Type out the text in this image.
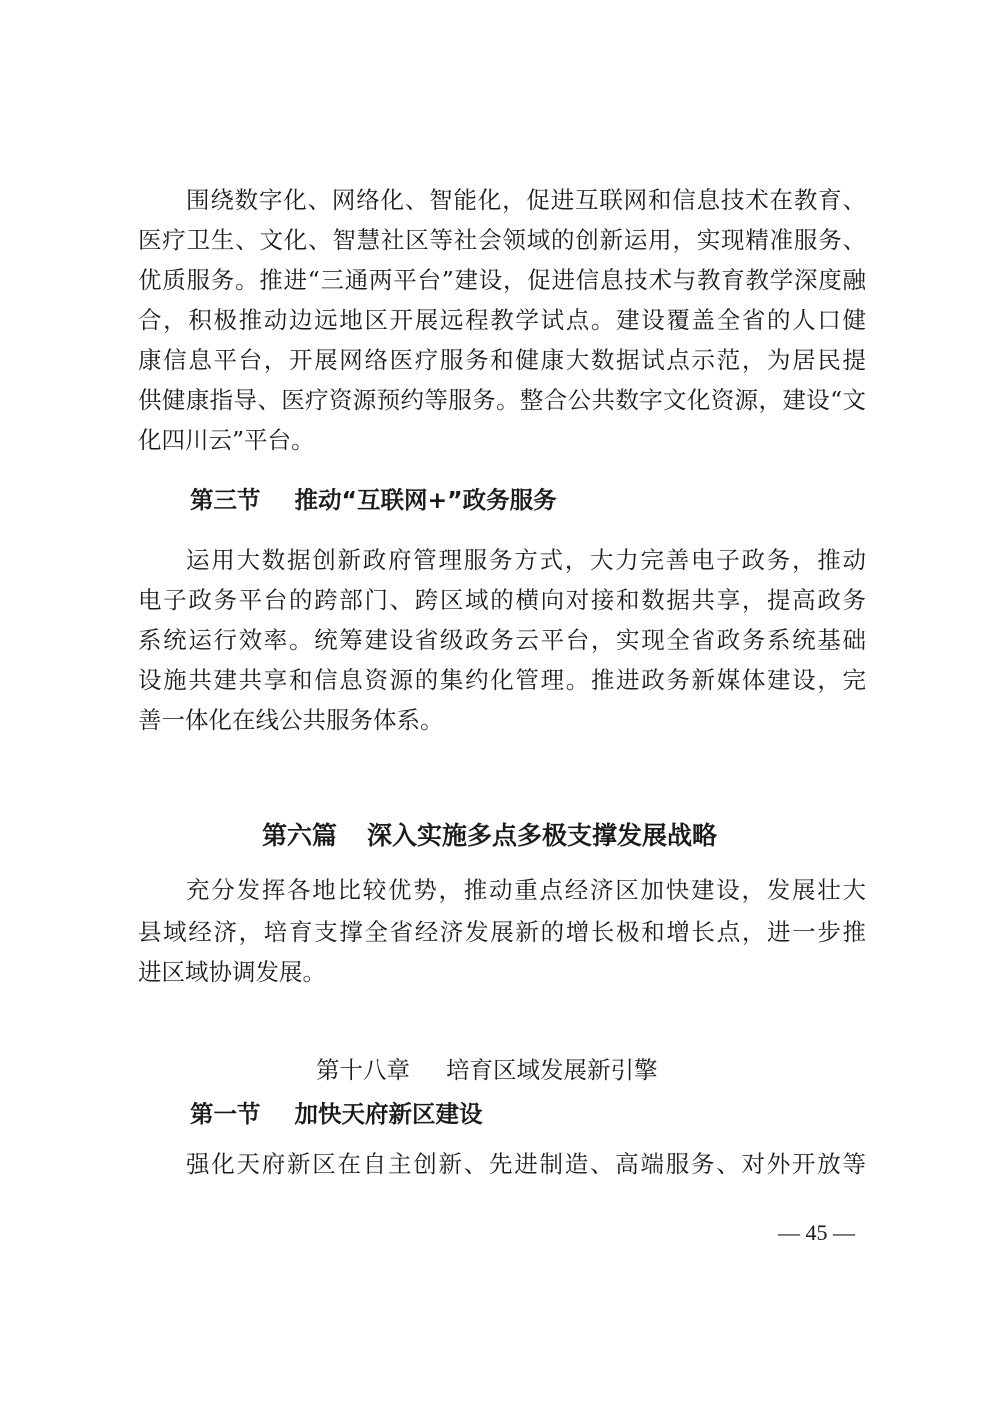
围绕数字化、网络化、智能化，促进互联网和信息技术在教育、
医疗卫生、文化、智慧社区等社会领域的创新运用，实现精准服务、
优质服务。推进“三通两平台”建设，促进信息技术与教育教学深度融
合，积极推动边远地区开展远程教学试点。建设覆盖全省的人口健
康信息平台，开展网络医疗服务和健康大数据试点示范，为居民提
供健康指导、医疗资源预约等服务。整合公共数字文化资源，建设“文
化四川云”平台。
第三节 推动“互联网+”政务服务
运用大数据创新政府管理服务方式，大力完善电子政务，推动
电子政务平台的跨部门、跨区域的横向对接和数据共享，提高政务
系统运行效率。统筹建设省级政务云平台，实现全省政务系统基础
设施共建共享和信息资源的集约化管理。推进政务新媒体建设，完
善一体化在线公共服务体系。
第六篇 深入实施多点多极支撑发展战略
充分发挥各地比较优势，推动重点经济区加快建设，发展壮大
县域经济，培育支撑全省经济发展新的增长极和增长点，进一步推
进区域协调发展。
第十八章 培育区域发展新引擎
第一节 加快天府新区建设
强化天府新区在自主创新、先进制造、高端服务、对外开放等
— 45 —
